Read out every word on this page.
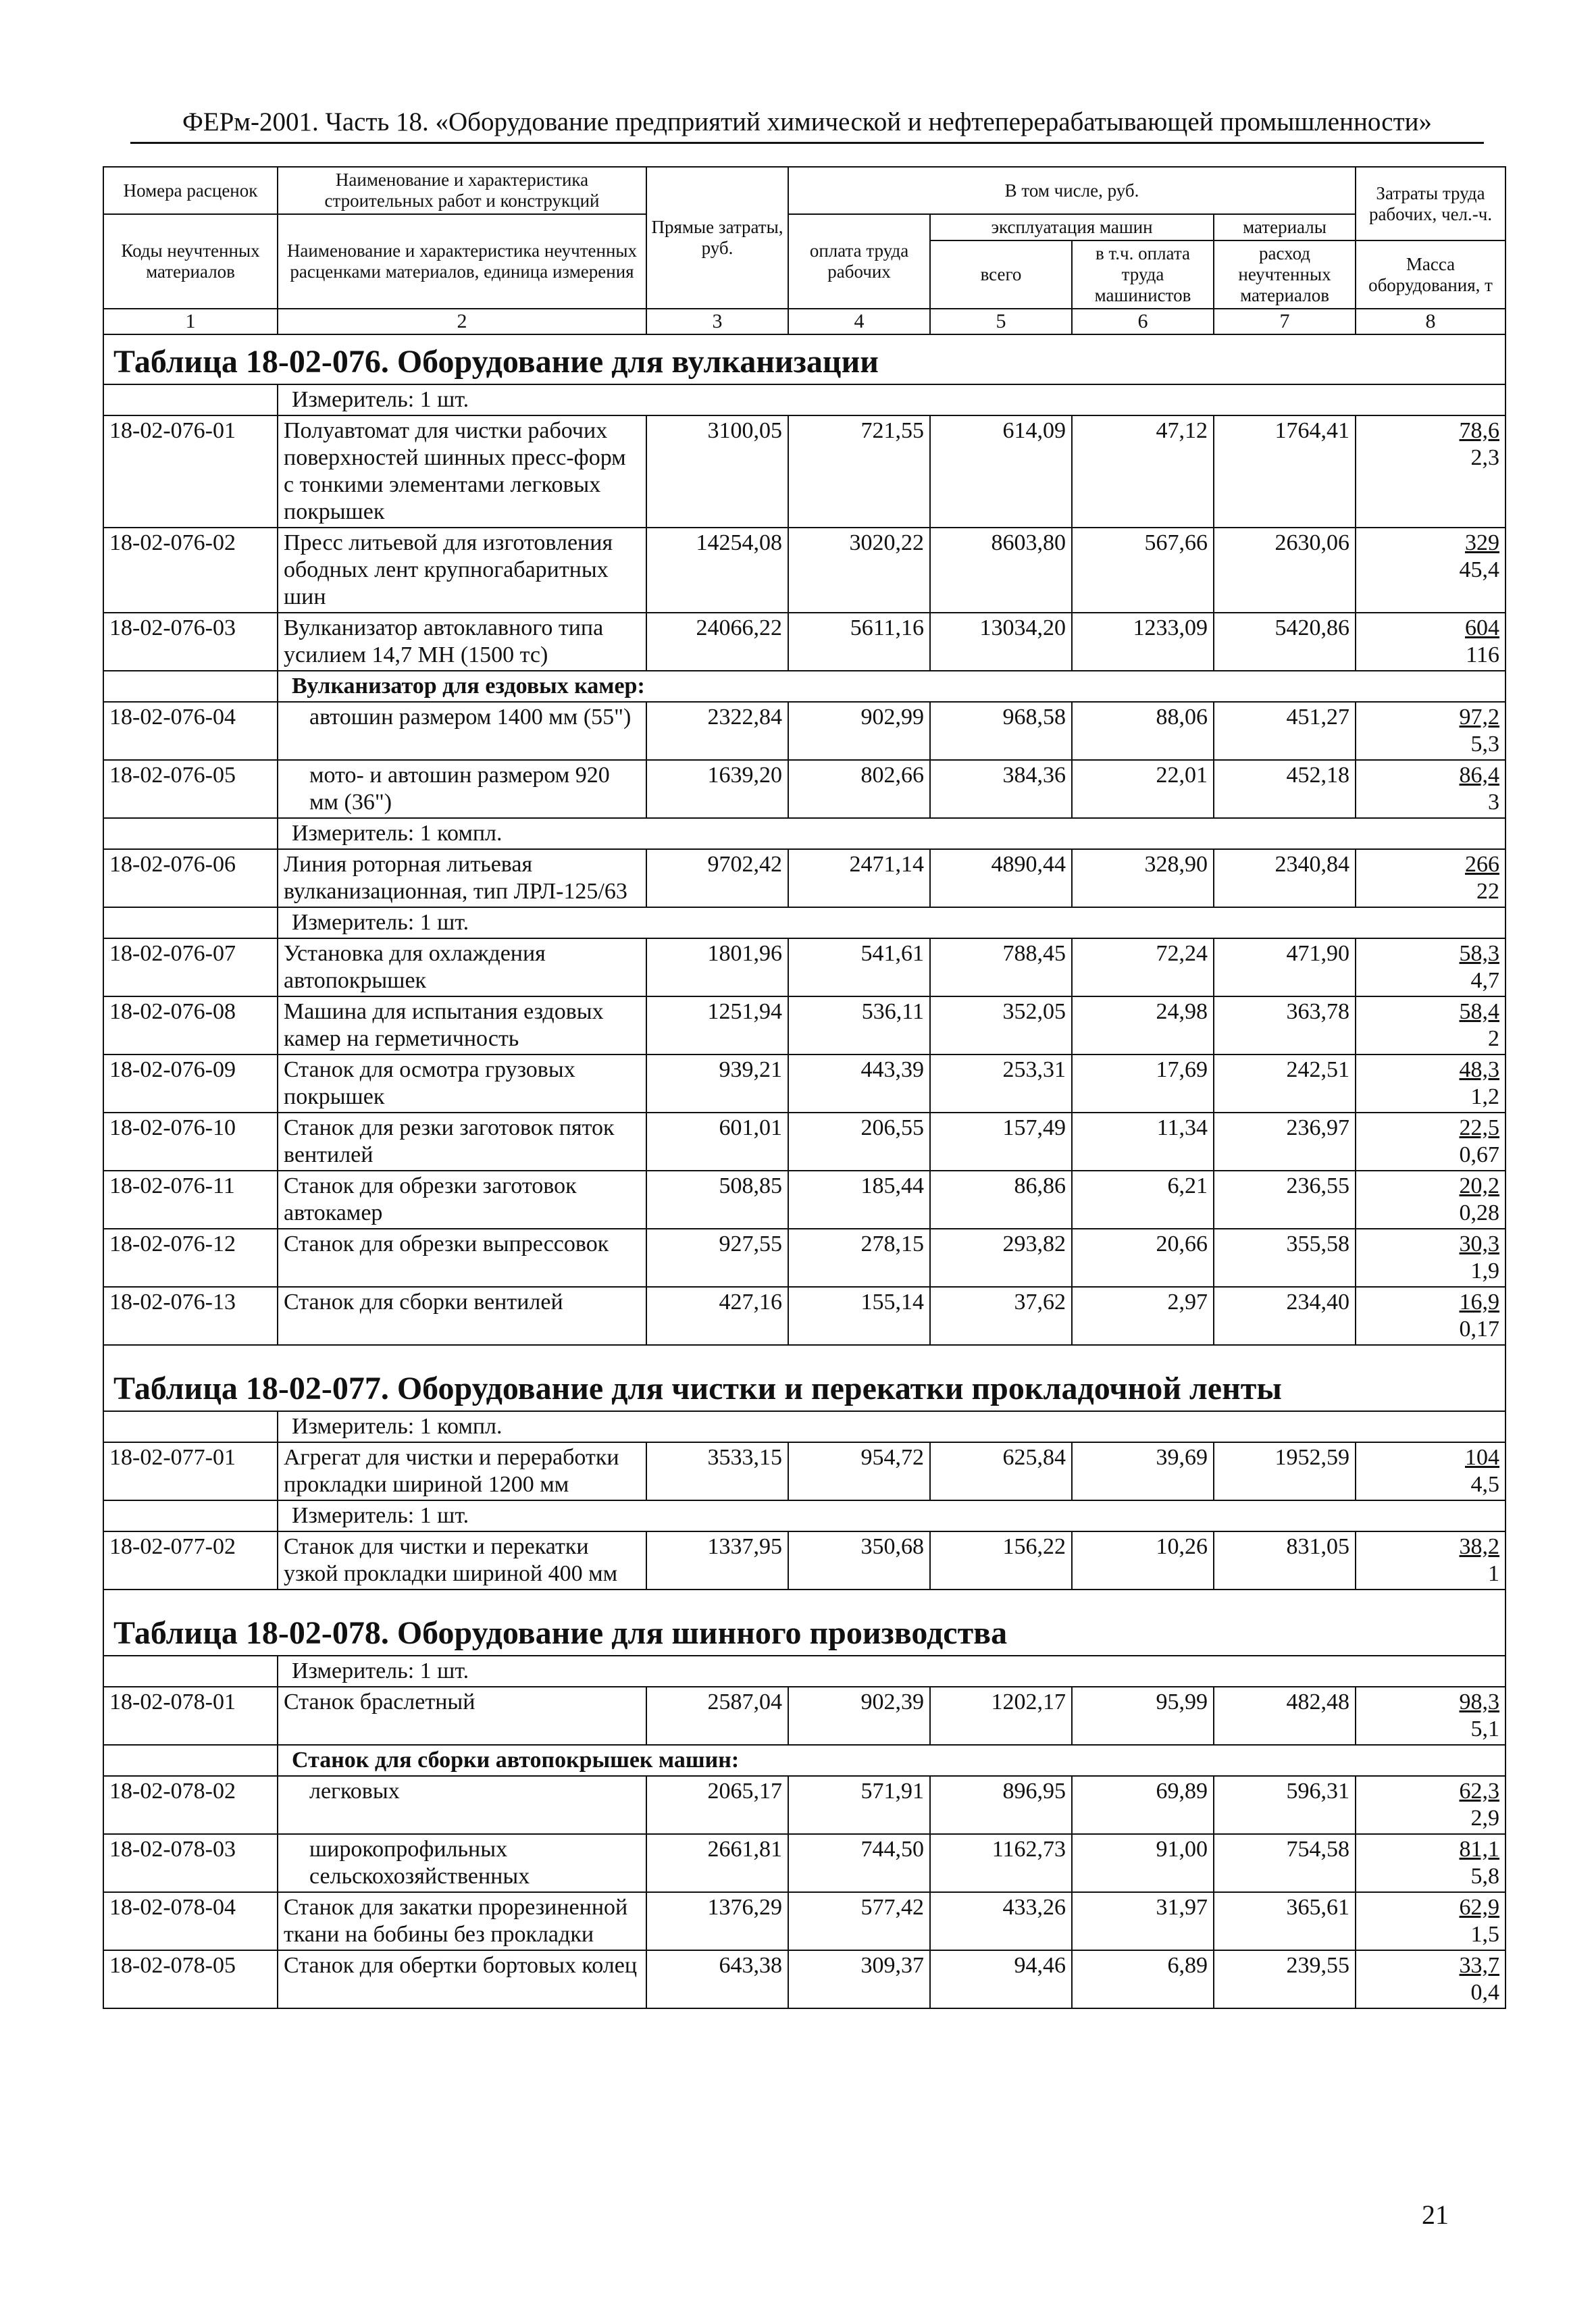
ФЕРм-2001. Часть 18. «Оборудование предприятий химической и нефтеперерабатывающей промышленности»
Номера расценок	Наименование и характеристика строительных работ и конструкций	Прямые затраты, руб.	В том числе, руб.				Затраты труда рабочих, чел.-ч.
Коды неучтенных материалов	Наименование и характеристика неучтенных расценками материалов, единица измерения		оплата труда рабочих	эксплуатация машин		материалы	
				всего	в т.ч. оплата труда машинистов	расход неучтенных материалов	
							Масса оборудования, т
1	2	3	4	5	6	7	8
Таблица 18-02-076. Оборудование для вулканизации							
	Измеритель: 1 шт.						
18-02-076-01	Полуавтомат для чистки рабочих поверхностей шинных пресс-форм с тонкими элементами легковых покрышек	3100,05	721,55	614,09	47,12	1764,41	78,6
2,3
18-02-076-02	Пресс литьевой для изготовления ободных лент крупногабаритных шин	14254,08	3020,22	8603,80	567,66	2630,06	329
45,4
18-02-076-03	Вулканизатор автоклавного типа усилием 14,7 МН (1500 тс)	24066,22	5611,16	13034,20	1233,09	5420,86	604
116
	Вулканизатор для ездовых камер:						
18-02-076-04	автошин размером 1400 мм (55")	2322,84	902,99	968,58	88,06	451,27	97,2
5,3
18-02-076-05	мото- и автошин размером 920 мм (36")	1639,20	802,66	384,36	22,01	452,18	86,4
3
	Измеритель: 1 компл.						
18-02-076-06	Линия роторная литьевая вулканизационная, тип ЛРЛ-125/63	9702,42	2471,14	4890,44	328,90	2340,84	266
22
	Измеритель: 1 шт.						
18-02-076-07	Установка для охлаждения автопокрышек	1801,96	541,61	788,45	72,24	471,90	58,3
4,7
18-02-076-08	Машина для испытания ездовых камер на герметичность	1251,94	536,11	352,05	24,98	363,78	58,4
2
18-02-076-09	Станок для осмотра грузовых покрышек	939,21	443,39	253,31	17,69	242,51	48,3
1,2
18-02-076-10	Станок для резки заготовок пяток вентилей	601,01	206,55	157,49	11,34	236,97	22,5
0,67
18-02-076-11	Станок для обрезки заготовок автокамер	508,85	185,44	86,86	6,21	236,55	20,2
0,28
18-02-076-12	Станок для обрезки выпрессовок	927,55	278,15	293,82	20,66	355,58	30,3
1,9
18-02-076-13	Станок для сборки вентилей	427,16	155,14	37,62	2,97	234,40	16,9
0,17

Таблица 18-02-077. Оборудование для чистки и перекатки прокладочной ленты							
	Измеритель: 1 компл.						
18-02-077-01	Агрегат для чистки и переработки прокладки шириной 1200 мм	3533,15	954,72	625,84	39,69	1952,59	104
4,5
	Измеритель: 1 шт.						
18-02-077-02	Станок для чистки и перекатки узкой прокладки шириной 400 мм	1337,95	350,68	156,22	10,26	831,05	38,2
1

Таблица 18-02-078. Оборудование для шинного производства							
	Измеритель: 1 шт.						
18-02-078-01	Станок браслетный	2587,04	902,39	1202,17	95,99	482,48	98,3
5,1
	Станок для сборки автопокрышек машин:						
18-02-078-02	легковых	2065,17	571,91	896,95	69,89	596,31	62,3
2,9
18-02-078-03	широкопрофильных сельскохозяйственных	2661,81	744,50	1162,73	91,00	754,58	81,1
5,8
18-02-078-04	Станок для закатки прорезиненной ткани на бобины без прокладки	1376,29	577,42	433,26	31,97	365,61	62,9
1,5
18-02-078-05	Станок для обертки бортовых колец	643,38	309,37	94,46	6,89	239,55	33,7
0,4

21
